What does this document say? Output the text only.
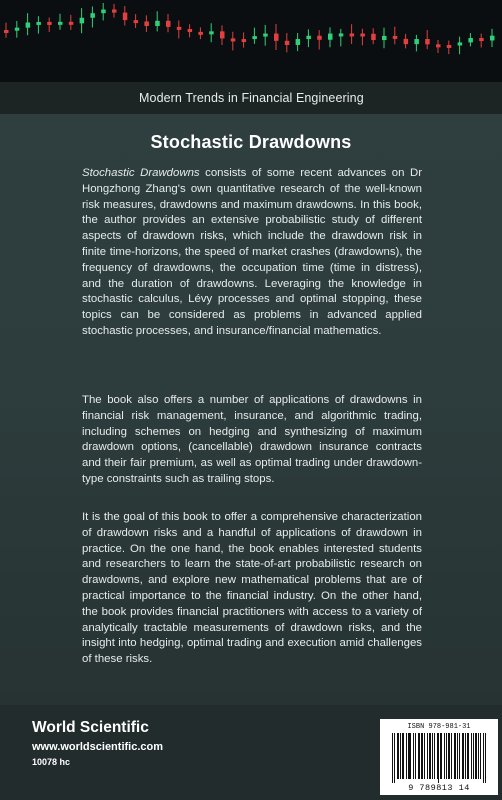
Modern Trends in Financial Engineering
Stochastic Drawdowns
Stochastic Drawdowns consists of some recent advances on Dr Hongzhong Zhang's own quantitative research of the well-known risk measures, drawdowns and maximum drawdowns. In this book, the author provides an extensive probabilistic study of different aspects of drawdown risks, which include the drawdown risk in finite time-horizons, the speed of market crashes (drawdowns), the frequency of drawdowns, the occupation time (time in distress), and the duration of drawdowns. Leveraging the knowledge in stochastic calculus, Lévy processes and optimal stopping, these topics can be considered as problems in advanced applied stochastic processes, and insurance/financial mathematics.
The book also offers a number of applications of drawdowns in financial risk management, insurance, and algorithmic trading, including schemes on hedging and synthesizing of maximum drawdown options, (cancellable) drawdown insurance contracts and their fair premium, as well as optimal trading under drawdown-type constraints such as trailing stops.
It is the goal of this book to offer a comprehensive characterization of drawdown risks and a handful of applications of drawdown in practice. On the one hand, the book enables interested students and researchers to learn the state-of-art probabilistic research on drawdowns, and explore new mathematical problems that are of practical importance to the financial industry. On the other hand, the book provides financial practitioners with access to a variety of analytically tractable measurements of drawdown risks, and the insight into hedging, optimal trading and execution amid challenges of these risks.
World Scientific
www.worldscientific.com
10078 hc
ISBN 978-981-31
9 789813 14
